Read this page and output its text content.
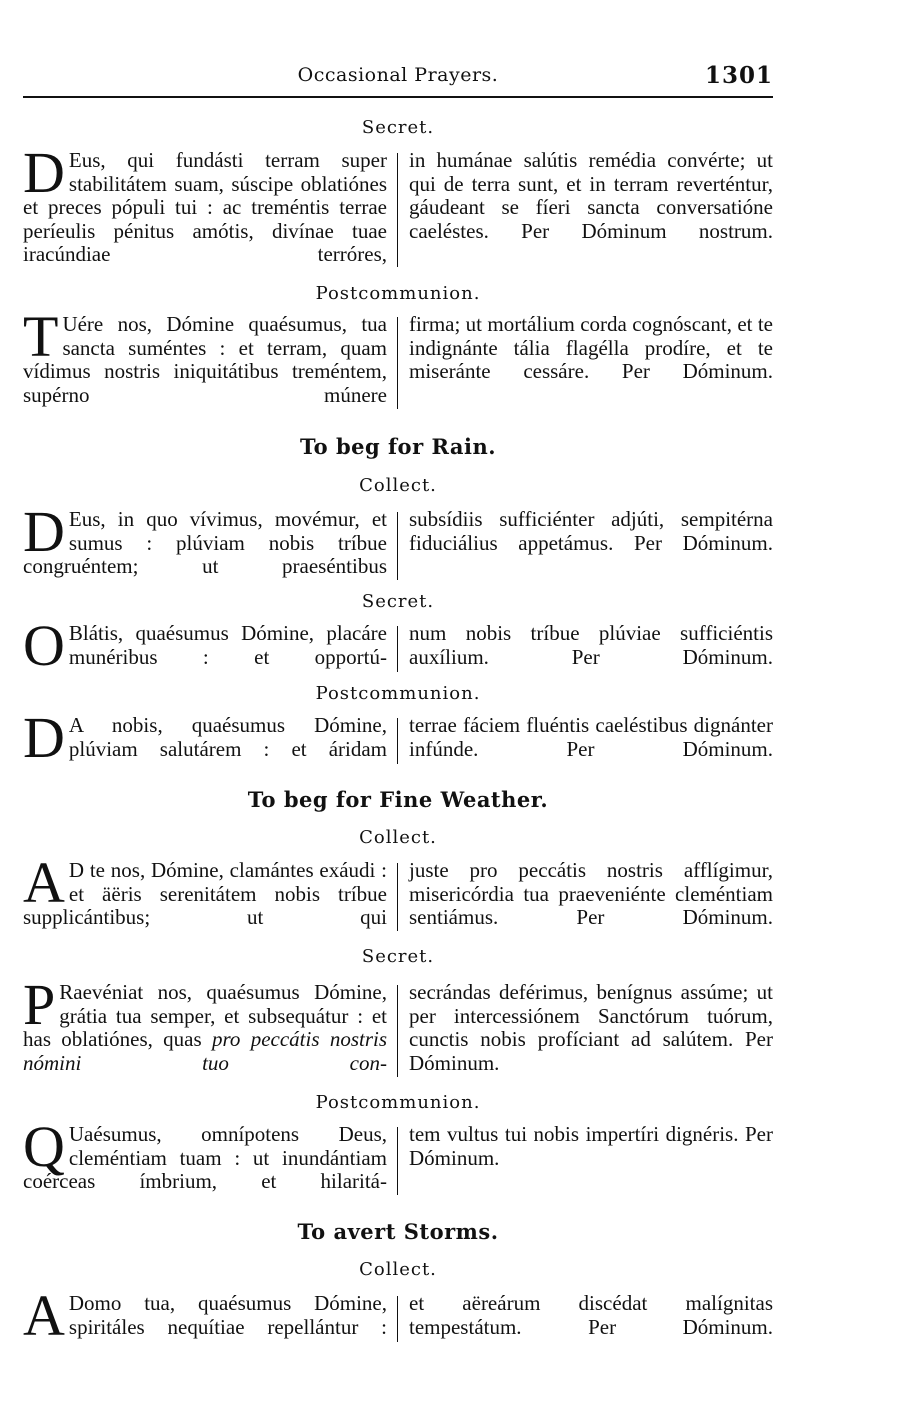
Occasional Prayers.	1301
Secret.
D Eus, qui fundásti terram super stabilitátem suam, súscipe oblatiónes et preces pópuli tui : ac treméntis terrae períeulis pénitus amótis, divínae tuae iracúndiae terróres,
in humánae salútis remédia convérte; ut qui de terra sunt, et in terram reverténtur, gáudeant se fíeri sancta conversatióne caeléstes. Per Dóminum nostrum.
Postcommunion.
T Uére nos, Dómine quaésumus, tua sancta suméntes : et terram, quam vídimus nostris iniquitátibus treméntem, supérno múnere
firma; ut mortálium corda cognóscant, et te indignánte tália flagélla prodíre, et te miseránte cessáre. Per Dóminum.
To beg for Rain.
Collect.
D Eus, in quo vívimus, movémur, et sumus : plúviam nobis tríbue congruéntem; ut praeséntibus
subsídiis sufficiénter adjúti, sempitérna fiduciálius appetámus. Per Dóminum.
Secret.
O Blátis, quaésumus Dómine, placáre munéribus : et opportú-
num nobis tríbue plúviae sufficiéntis auxílium. Per Dóminum.
Postcommunion.
D A nobis, quaésumus Dómine, plúviam salutárem : et áridam
terrae fáciem fluéntis caeléstibus dignánter infúnde. Per Dóminum.
To beg for Fine Weather.
Collect.
A D te nos, Dómine, clamántes exáudi : et äëris serenitátem nobis tríbue supplicántibus; ut qui
juste pro peccátis nostris afflígimur, misericórdia tua praeveniénte cleméntiam sentiámus. Per Dóminum.
Secret.
P Raevéniat nos, quaésumus Dómine, grátia tua semper, et subsequátur : et has oblatiónes, quas pro peccátis nostris nómini tuo con-
secrándas deférimus, benígnus assúme; ut per intercessiónem Sanctórum tuórum, cunctis nobis profíciant ad salútem. Per Dóminum.
Postcommunion.
Q Uaésumus, omnípotens Deus, cleméntiam tuam : ut inundántiam coérceas ímbrium, et hilaritá-
tem vultus tui nobis impertíri dignéris. Per Dóminum.
To avert Storms.
Collect.
A Domo tua, quaésumus Dómine, spiritáles nequítiae repellántur :
et aëreárum discédat malígnitas tempestátum. Per Dóminum.
